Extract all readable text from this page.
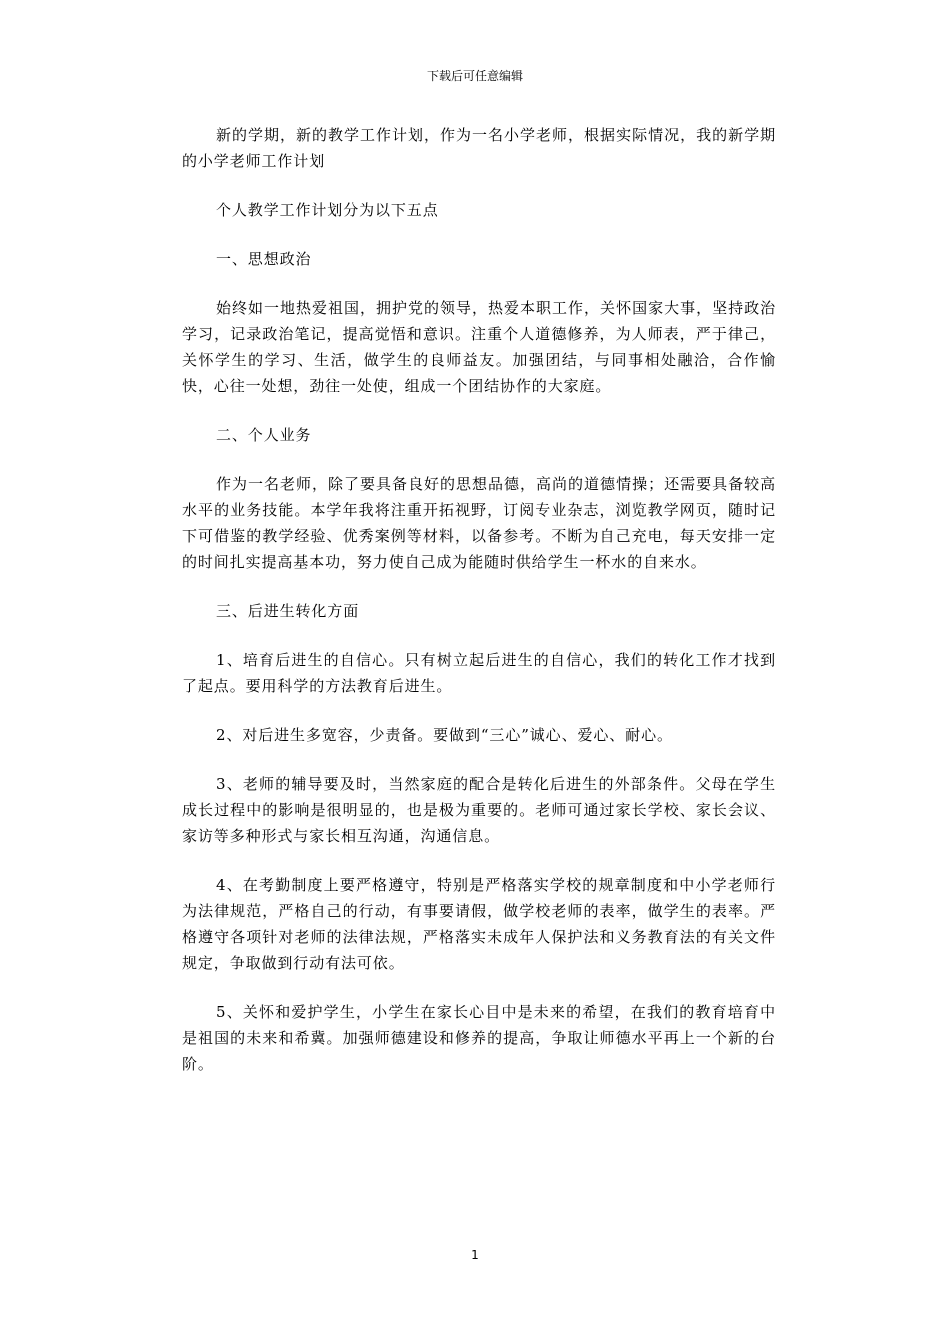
下载后可任意编辑

新的学期，新的教学工作计划，作为一名小学老师，根据实际情况，我的新学期的小学老师工作计划

个人教学工作计划分为以下五点

一、思想政治

始终如一地热爱祖国，拥护党的领导，热爱本职工作，关怀国家大事，坚持政治学习，记录政治笔记，提高觉悟和意识。注重个人道德修养，为人师表，严于律己，关怀学生的学习、生活，做学生的良师益友。加强团结，与同事相处融洽，合作愉快，心往一处想，劲往一处使，组成一个团结协作的大家庭。

二、个人业务

作为一名老师，除了要具备良好的思想品德，高尚的道德情操；还需要具备较高水平的业务技能。本学年我将注重开拓视野，订阅专业杂志，浏览教学网页，随时记下可借鉴的教学经验、优秀案例等材料，以备参考。不断为自己充电，每天安排一定的时间扎实提高基本功，努力使自己成为能随时供给学生一杯水的自来水。

三、后进生转化方面

1、培育后进生的自信心。只有树立起后进生的自信心，我们的转化工作才找到了起点。要用科学的方法教育后进生。

2、对后进生多宽容，少责备。要做到“三心”诚心、爱心、耐心。

3、老师的辅导要及时，当然家庭的配合是转化后进生的外部条件。父母在学生成长过程中的影响是很明显的，也是极为重要的。老师可通过家长学校、家长会议、家访等多种形式与家长相互沟通，沟通信息。

4、在考勤制度上要严格遵守，特别是严格落实学校的规章制度和中小学老师行为法律规范，严格自己的行动，有事要请假，做学校老师的表率，做学生的表率。严格遵守各项针对老师的法律法规，严格落实未成年人保护法和义务教育法的有关文件规定，争取做到行动有法可依。

5、关怀和爱护学生，小学生在家长心目中是未来的希望，在我们的教育培育中是祖国的未来和希冀。加强师德建设和修养的提高，争取让师德水平再上一个新的台阶。

1
